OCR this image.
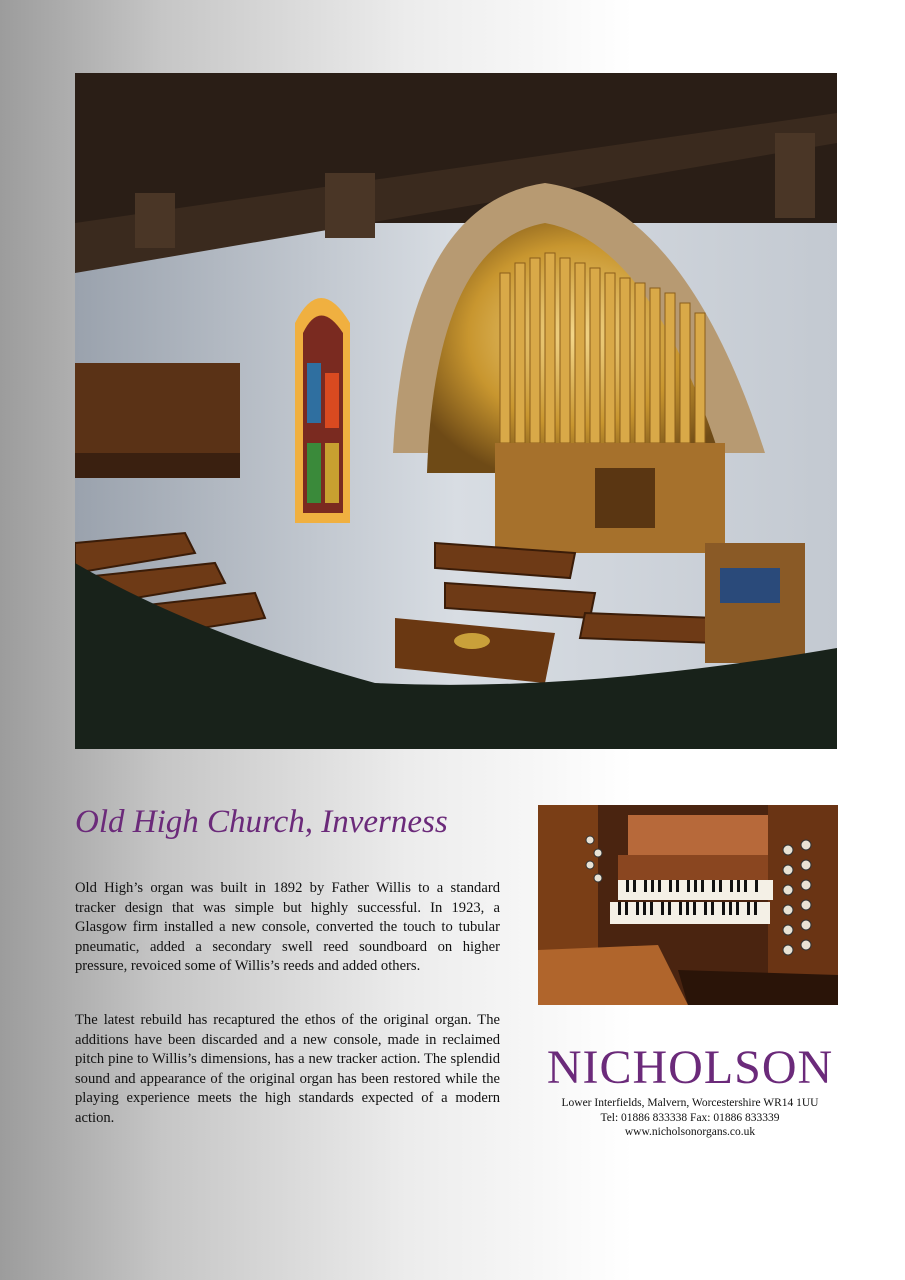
Old High Church, Inverness

Old High’s organ was built in 1892 by Father Willis to a standard tracker design that was simple but highly successful. In 1923, a Glasgow firm installed a new console, converted the touch to tubular pneumatic, added a secondary swell reed soundboard on higher pressure, revoiced some of Willis’s reeds and added others.

The latest rebuild has recaptured the ethos of the original organ. The additions have been discarded and a new console, made in reclaimed pitch pine to Willis’s dimensions, has a new tracker action. The splendid sound and appearance of the original organ has been restored while the playing experience meets the high standards expected of a modern action.

NICHOLSON
Lower Interfields, Malvern, Worcestershire WR14 1UU
Tel: 01886 833338 Fax: 01886 833339
www.nicholsonorgans.co.uk
